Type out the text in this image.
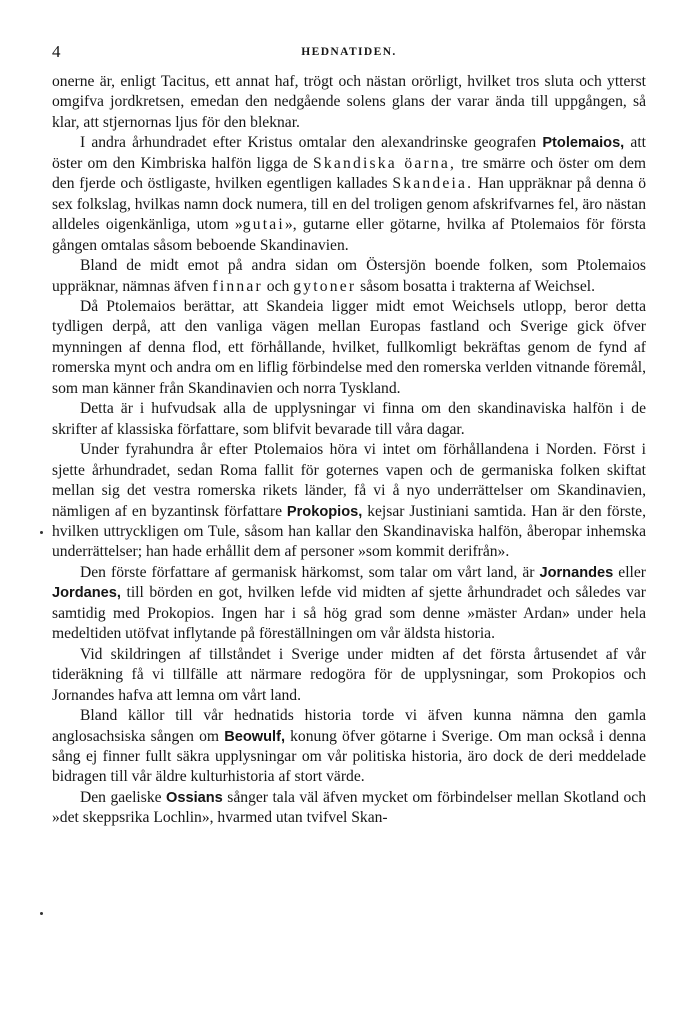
4	HEDNATIDEN.

onerne är, enligt Tacitus, ett annat haf, trögt och nästan orörligt, hvilket tros sluta och ytterst omgifva jordkretsen, emedan den nedgående solens glans der varar ända till uppgången, så klar, att stjernornas ljus för den bleknar.

I andra århundradet efter Kristus omtalar den alexandrinske geografen Ptolemaios, att öster om den Kimbriska halfön ligga de Skandiska öarna, tre smärre och öster om dem den fjerde och östligaste, hvilken egentligen kallades Skandeia. Han uppräknar på denna ö sex folkslag, hvilkas namn dock numera, till en del troligen genom afskrifvarnes fel, äro nästan alldeles oigenkänliga, utom »gutai», gutarne eller götarne, hvilka af Ptolemaios för första gången omtalas såsom beboende Skandinavien.

Bland de midt emot på andra sidan om Östersjön boende folken, som Ptolemaios uppräknar, nämnas äfven finnar och gytoner såsom bosatta i trakterna af Weichsel.

Då Ptolemaios berättar, att Skandeia ligger midt emot Weichsels utlopp, beror detta tydligen derpå, att den vanliga vägen mellan Europas fastland och Sverige gick öfver mynningen af denna flod, ett förhållande, hvilket, fullkomligt bekräftas genom de fynd af romerska mynt och andra om en liflig förbindelse med den romerska verlden vitnande föremål, som man känner från Skandinavien och norra Tyskland.

Detta är i hufvudsak alla de upplysningar vi finna om den skandinaviska halfön i de skrifter af klassiska författare, som blifvit bevarade till våra dagar.

Under fyrahundra år efter Ptolemaios höra vi intet om förhållandena i Norden. Först i sjette århundradet, sedan Roma fallit för goternes vapen och de germaniska folken skiftat mellan sig det vestra romerska rikets länder, få vi å nyo underrättelser om Skandinavien, nämligen af en byzantinsk författare Prokopios, kejsar Justiniani samtida. Han är den förste, hvilken uttryckligen om Tule, såsom han kallar den Skandinaviska halfön, åberopar inhemska underrättelser; han hade erhållit dem af personer »som kommit derifrån».

Den förste författare af germanisk härkomst, som talar om vårt land, är Jornandes eller Jordanes, till börden en got, hvilken lefde vid midten af sjette århundradet och således var samtidig med Prokopios. Ingen har i så hög grad som denne »mäster Ardan» under hela medeltiden utöfvat inflytande på föreställningen om vår äldsta historia.

Vid skildringen af tillståndet i Sverige under midten af det första årtusendet af vår tideräkning få vi tillfälle att närmare redogöra för de upplysningar, som Prokopios och Jornandes hafva att lemna om vårt land.

Bland källor till vår hednatids historia torde vi äfven kunna nämna den gamla anglosachsiska sången om Beowulf, konung öfver götarne i Sverige. Om man också i denna sång ej finner fullt säkra upplysningar om vår politiska historia, äro dock de deri meddelade bidragen till vår äldre kulturhistoria af stort värde.

Den gaeliske Ossians sånger tala väl äfven mycket om förbindelser mellan Skotland och »det skeppsrika Lochlin», hvarmed utan tvifvel Skan-
